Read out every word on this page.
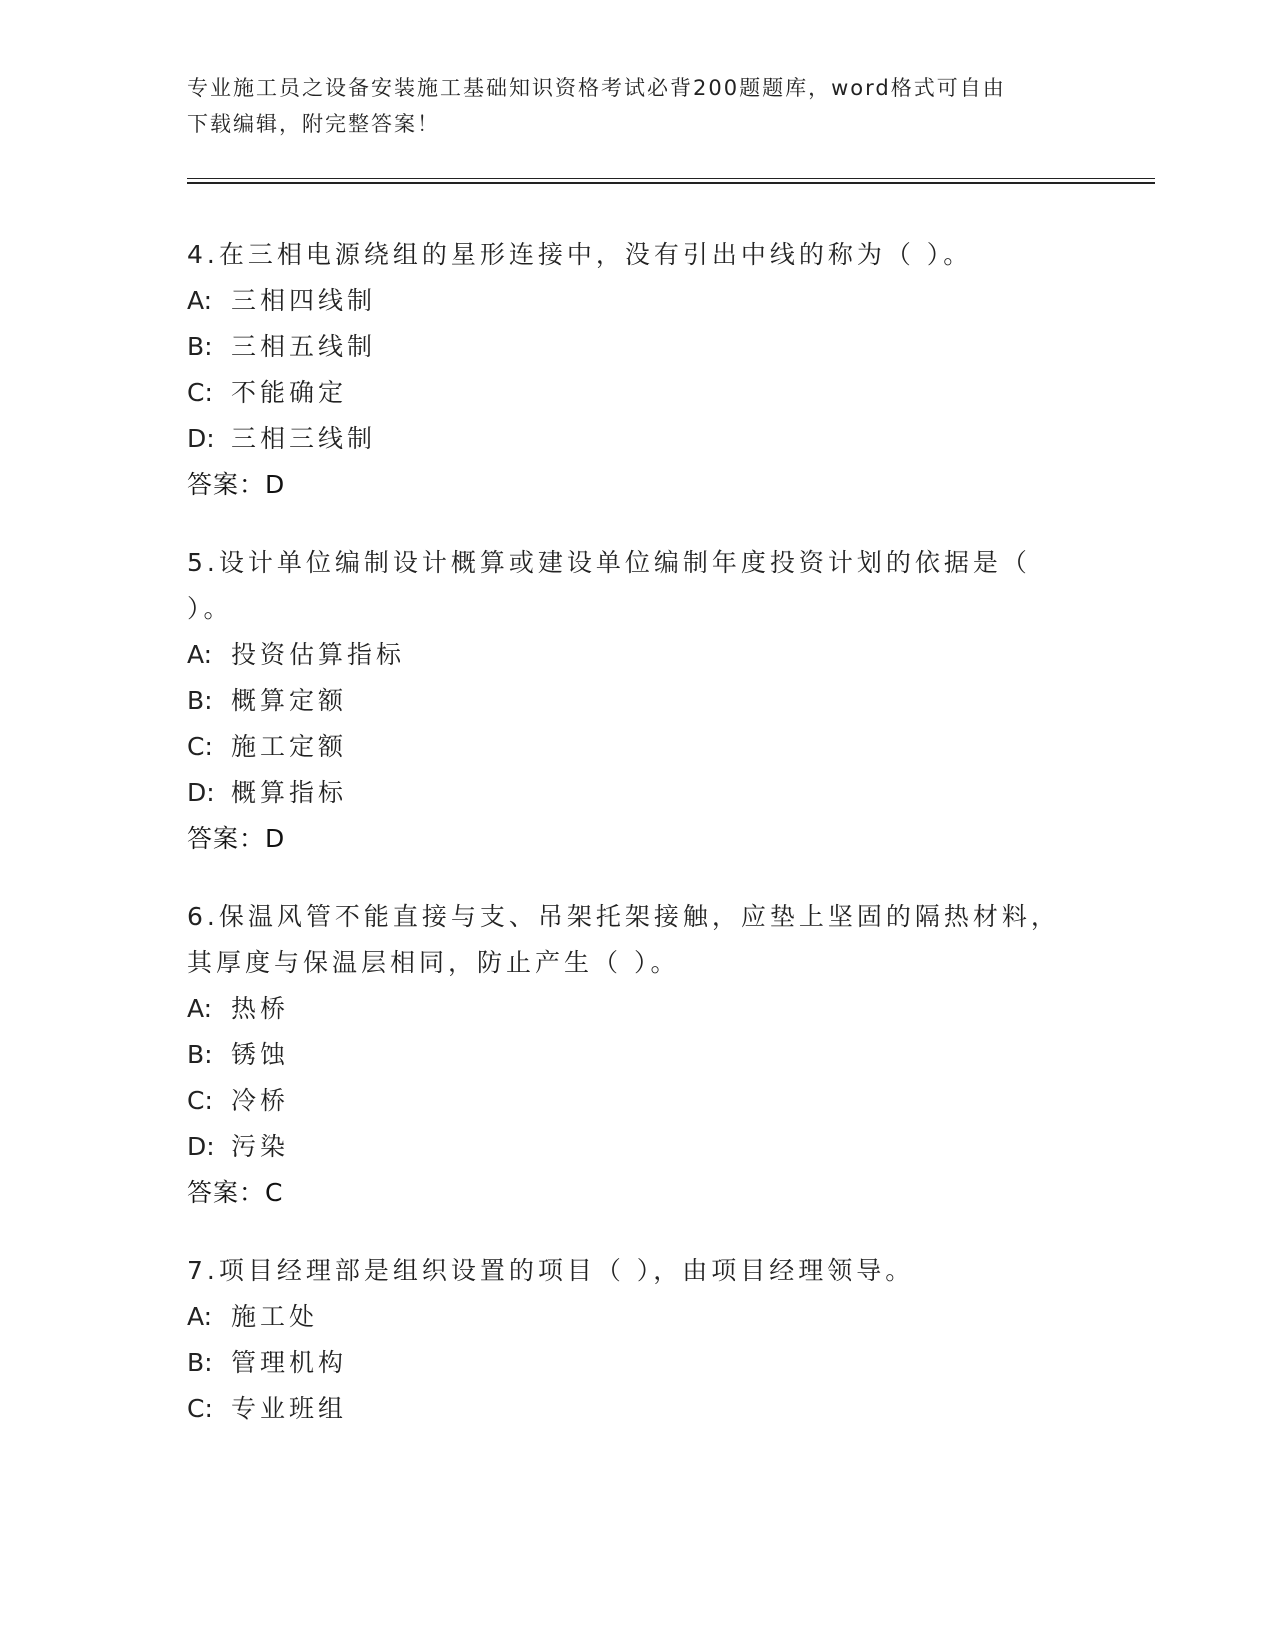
专业施工员之设备安装施工基础知识资格考试必背200题题库，word格式可自由
下载编辑，附完整答案！
4.在三相电源绕组的星形连接中，没有引出中线的称为（ ）。
A: 三相四线制
B: 三相五线制
C: 不能确定
D: 三相三线制
答案：D
5.设计单位编制设计概算或建设单位编制年度投资计划的依据是（ ）。
A: 投资估算指标
B: 概算定额
C: 施工定额
D: 概算指标
答案：D
6.保温风管不能直接与支、吊架托架接触，应垫上坚固的隔热材料，其厚度与保温层相同，防止产生（ ）。
A: 热桥
B: 锈蚀
C: 冷桥
D: 污染
答案：C
7.项目经理部是组织设置的项目（ ），由项目经理领导。
A: 施工处
B: 管理机构
C: 专业班组
